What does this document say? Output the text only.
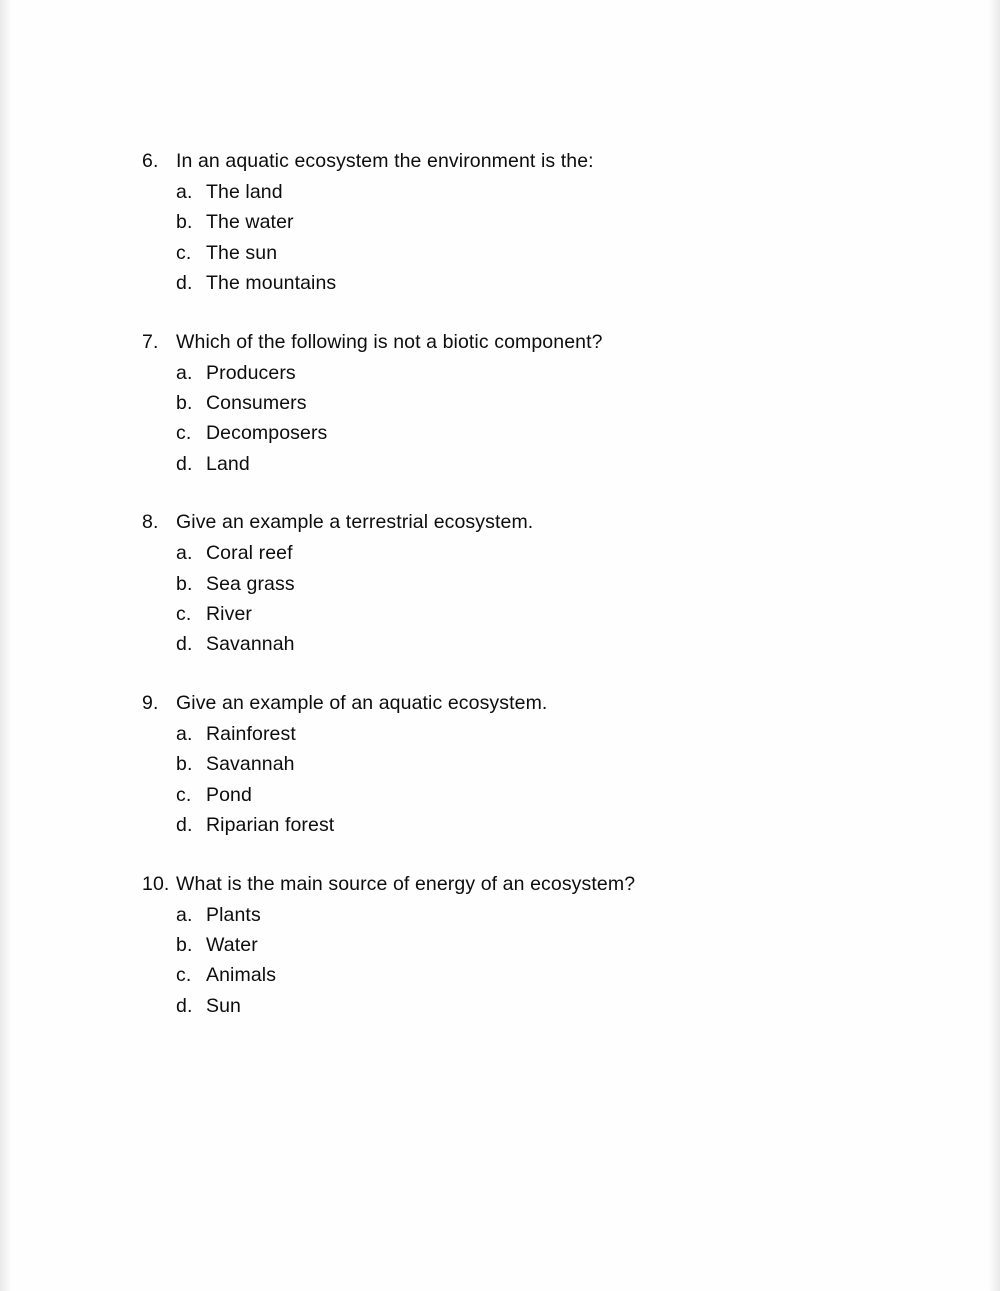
6. In an aquatic ecosystem the environment is the:
a. The land
b. The water
c. The sun
d. The mountains
7. Which of the following is not a biotic component?
a. Producers
b. Consumers
c. Decomposers
d. Land
8. Give an example a terrestrial ecosystem.
a. Coral reef
b. Sea grass
c. River
d. Savannah
9. Give an example of an aquatic ecosystem.
a. Rainforest
b. Savannah
c. Pond
d. Riparian forest
10. What is the main source of energy of an ecosystem?
a. Plants
b. Water
c. Animals
d. Sun
